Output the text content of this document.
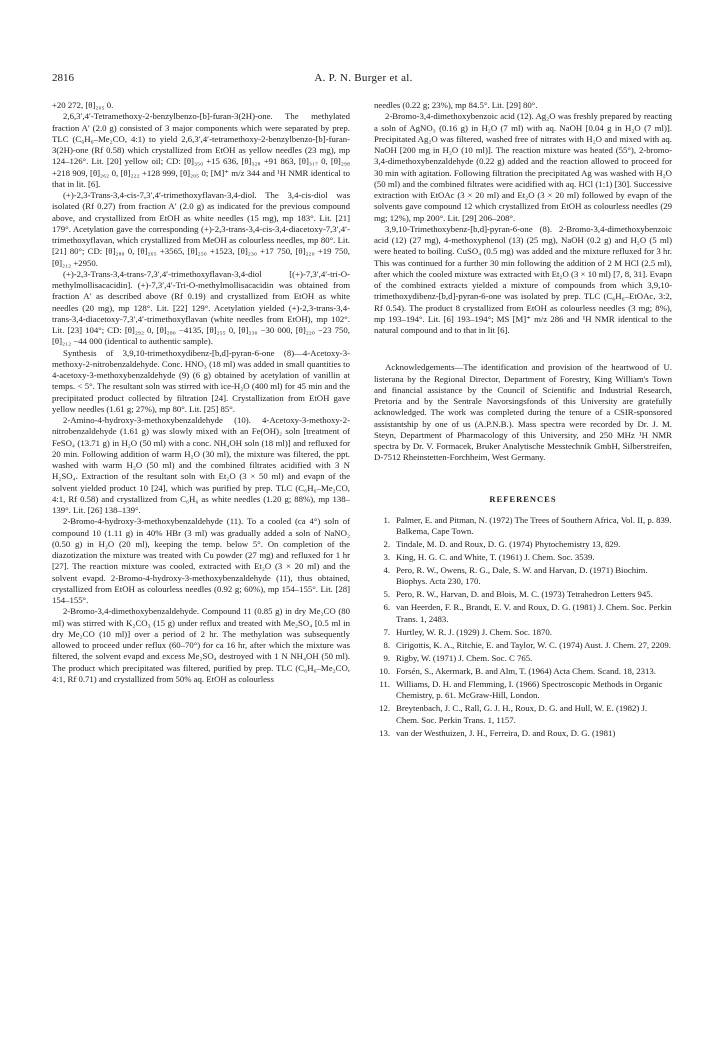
2816	A. P. N. Burger et al.

+20 272, [θ]₂₀₅ 0.

2,6,3′,4′-Tetramethoxy-2-benzylbenzo-[b]-furan-3(2H)-one. The methylated fraction A′ (2.0 g) consisted of 3 major components which were separated by prep. TLC (C₆H₆–Me₂CO, 4:1) to yield 2,6,3′,4′-tetramethoxy-2-benzylbenzo-[b]-furan-3(2H)-one (Rf 0.58) which crystallized from EtOH as yellow needles (23 mg), mp 124–126°. Lit. [20] yellow oil; CD: [θ]₃₅₀ +15 636, [θ]₃₂₈ +91 863, [θ]₃₁₇ 0, [θ]₂₉₈ +218 909, [θ]₂₆₂ 0, [θ]₂₂₂ +128 999, [θ]₂₀₅ 0; [M]⁺ m/z 344 and ¹H NMR identical to that in lit. [6].

(+)-2,3-Trans-3,4-cis-7,3′,4′-trimethoxyflavan-3,4-diol. The 3,4-cis-diol was isolated (Rf 0.27) from fraction A′ (2.0 g) as indicated for the previous compound above, and crystallized from EtOH as white needles (15 mg), mp 183°. Lit. [21] 179°. Acetylation gave the corresponding (+)-2,3-trans-3,4-cis-3,4-diacetoxy-7,3′,4′-trimethoxyflavan, which crystallized from MeOH as colourless needles, mp 80°. Lit. [21] 80°; CD: [θ]₂₈₀ 0, [θ]₂₆₅ +3565, [θ]₂₅₀ +1523, [θ]₂₃₀ +17 750, [θ]₂₂₀ +19 750, [θ]₂₁₂ +2950.

(+)-2,3-Trans-3,4-trans-7,3′,4′-trimethoxyflavan-3,4-diol [(+)-7,3′,4′-tri-O-methylmollisacacidin]. (+)-7,3′,4′-Tri-O-methylmollisacacidin was obtained from fraction A′ as described above (Rf 0.19) and crystallized from EtOH as white needles (20 mg), mp 128°. Lit. [22] 129°. Acetylation yielded (+)-2,3-trans-3,4-trans-3,4-diacetoxy-7,3′,4′-trimethoxyflavan (white needles from EtOH), mp 102°. Lit. [23] 104°; CD: [θ]₂₉₂ 0, [θ]₂₈₀ −4135, [θ]₂₅₅ 0, [θ]₂₃₀ −30 000, [θ]₂₂₀ −23 750, [θ]₂₁₂ −44 000 (identical to authentic sample).

Synthesis of 3,9,10-trimethoxydibenz-[b,d]-pyran-6-one (8)—4-Acetoxy-3-methoxy-2-nitrobenzaldehyde. Conc. HNO₃ (18 ml) was added in small quantities to 4-acetoxy-3-methoxybenzaldehyde (9) (6 g) obtained by acetylation of vanillin at temps. < 5°. The resultant soln was stirred with ice-H₂O (400 ml) for 45 min and the precipitated product collected by filtration [24]. Crystallization from EtOH gave yellow needles (1.61 g; 27%), mp 80°. Lit. [25] 85°.

2-Amino-4-hydroxy-3-methoxybenzaldehyde (10). 4-Acetoxy-3-methoxy-2-nitrobenzaldehyde (1.61 g) was slowly mixed with an Fe(OH)₂ soln [treatment of FeSO₄ (13.71 g) in H₂O (50 ml) with a conc. NH₄OH soln (18 ml)] and refluxed for 20 min. Following addition of warm H₂O (30 ml), the mixture was filtered, the ppt. washed with warm H₂O (50 ml) and the combined filtrates acidified with 3 N H₂SO₄. Extraction of the resultant soln with Et₂O (3 × 50 ml) and evapn of the solvent yielded product 10 [24], which was purified by prep. TLC (C₆H₆–Me₂CO, 4:1, Rf 0.58) and crystallized from C₆H₆ as white needles (1.20 g; 88%), mp 138–139°. Lit. [26] 138–139°.

2-Bromo-4-hydroxy-3-methoxybenzaldehyde (11). To a cooled (ca 4°) soln of compound 10 (1.11 g) in 40% HBr (3 ml) was gradually added a soln of NaNO₂ (0.50 g) in H₂O (20 ml), keeping the temp. below 5°. On completion of the diazotization the mixture was treated with Cu powder (27 mg) and refluxed for 1 hr [27]. The reaction mixture was cooled, extracted with Et₂O (3 × 20 ml) and the solvent evapd. 2-Bromo-4-hydroxy-3-methoxybenzaldehyde (11), thus obtained, crystallized from EtOH as colourless needles (0.92 g; 60%), mp 154–155°. Lit. [28] 154–155°.

2-Bromo-3,4-dimethoxybenzaldehyde. Compound 11 (0.85 g) in dry Me₂CO (80 ml) was stirred with K₂CO₃ (15 g) under reflux and treated with Me₂SO₄ [0.5 ml in dry Me₂CO (10 ml)] over a period of 2 hr. The methylation was subsequently allowed to proceed under reflux (60–70°) for ca 16 hr, after which the mixture was filtered, the solvent evapd and excess Me₂SO₄ destroyed with 1 N NH₄OH (50 ml). The product which precipitated was filtered, purified by prep. TLC (C₆H₆–Me₂CO, 4:1, Rf 0.71) and crystallized from 50% aq. EtOH as colourless

needles (0.22 g; 23%), mp 84.5°. Lit. [29] 80°.

2-Bromo-3,4-dimethoxybenzoic acid (12). Ag₂O was freshly prepared by reacting a soln of AgNO₃ (0.16 g) in H₂O (7 ml) with aq. NaOH [0.04 g in H₂O (7 ml)]. Precipitated Ag₂O was filtered, washed free of nitrates with H₂O and mixed with aq. NaOH [200 mg in H₂O (10 ml)]. The reaction mixture was heated (55°), 2-bromo-3,4-dimethoxybenzaldehyde (0.22 g) added and the reaction allowed to proceed for 30 min with agitation. Following filtration the precipitated Ag was washed with H₂O (50 ml) and the combined filtrates were acidified with aq. HCl (1:1) [30]. Successive extraction with EtOAc (3 × 20 ml) and Et₂O (3 × 20 ml) followed by evapn of the solvents gave compound 12 which crystallized from EtOH as colourless needles (29 mg; 12%), mp 200°. Lit. [29] 206–208°.

3,9,10-Trimethoxybenz-[b,d]-pyran-6-one (8). 2-Bromo-3,4-dimethoxybenzoic acid (12) (27 mg), 4-methoxyphenol (13) (25 mg), NaOH (0.2 g) and H₂O (5 ml) were heated to boiling. CuSO₄ (0.5 mg) was added and the mixture refluxed for 3 hr. This was continued for a further 30 min following the addition of 2 M HCl (2.5 ml), after which the cooled mixture was extracted with Et₂O (3 × 10 ml) [7, 8, 31]. Evapn of the combined extracts yielded a mixture of compounds from which 3,9,10-trimethoxydibenz-[b,d]-pyran-6-one was isolated by prep. TLC (C₆H₆–EtOAc, 3:2, Rf 0.54). The product 8 crystallized from EtOH as colourless needles (3 mg; 8%), mp 193–194°. Lit. [6] 193–194°; MS [M]⁺ m/z 286 and ¹H NMR identical to the natural compound and to that in lit [6].

Acknowledgements—The identification and provision of the heartwood of U. listerana by the Regional Director, Department of Forestry, King William's Town and financial assistance by the Council of Scientific and Industrial Research, Pretoria and by the Sentrale Navorsingsfonds of this University are gratefully acknowledged. The work was completed during the tenure of a CSIR-sponsored assistantship by one of us (A.P.N.B.). Mass spectra were recorded by Dr. J. M. Steyn, Department of Pharmacology of this University, and 250 MHz ¹H NMR spectra by Dr. V. Formacek, Bruker Analytische Messtechnik GmbH, Silberstreifen, D-7512 Rheinstetten-Forchheim, West Germany.

REFERENCES
1. Palmer, E. and Pitman, N. (1972) The Trees of Southern Africa, Vol. II, p. 839. Balkema, Cape Town.
2. Tindale, M. D. and Roux, D. G. (1974) Phytochemistry 13, 829.
3. King, H. G. C. and White, T. (1961) J. Chem. Soc. 3539.
4. Pero, R. W., Owens, R. G., Dale, S. W. and Harvan, D. (1971) Biochim. Biophys. Acta 230, 170.
5. Pero, R. W., Harvan, D. and Blois, M. C. (1973) Tetrahedron Letters 945.
6. van Heerden, F. R., Brandt, E. V. and Roux, D. G. (1981) J. Chem. Soc. Perkin Trans. 1, 2483.
7. Hurtley, W. R. J. (1929) J. Chem. Soc. 1870.
8. Cirigottis, K. A., Ritchie, E. and Taylor, W. C. (1974) Aust. J. Chem. 27, 2209.
9. Rigby, W. (1971) J. Chem. Soc. C 765.
10. Forsén, S., Akermark, B. and Alm, T. (1964) Acta Chem. Scand. 18, 2313.
11. Williams, D. H. and Flemming, I. (1966) Spectroscopic Methods in Organic Chemistry, p. 61. McGraw-Hill, London.
12. Breytenbach, J. C., Rall, G. J. H., Roux, D. G. and Hull, W. E. (1982) J. Chem. Soc. Perkin Trans. 1, 1157.
13. van der Westhuizen, J. H., Ferreira, D. and Roux, D. G. (1981)
